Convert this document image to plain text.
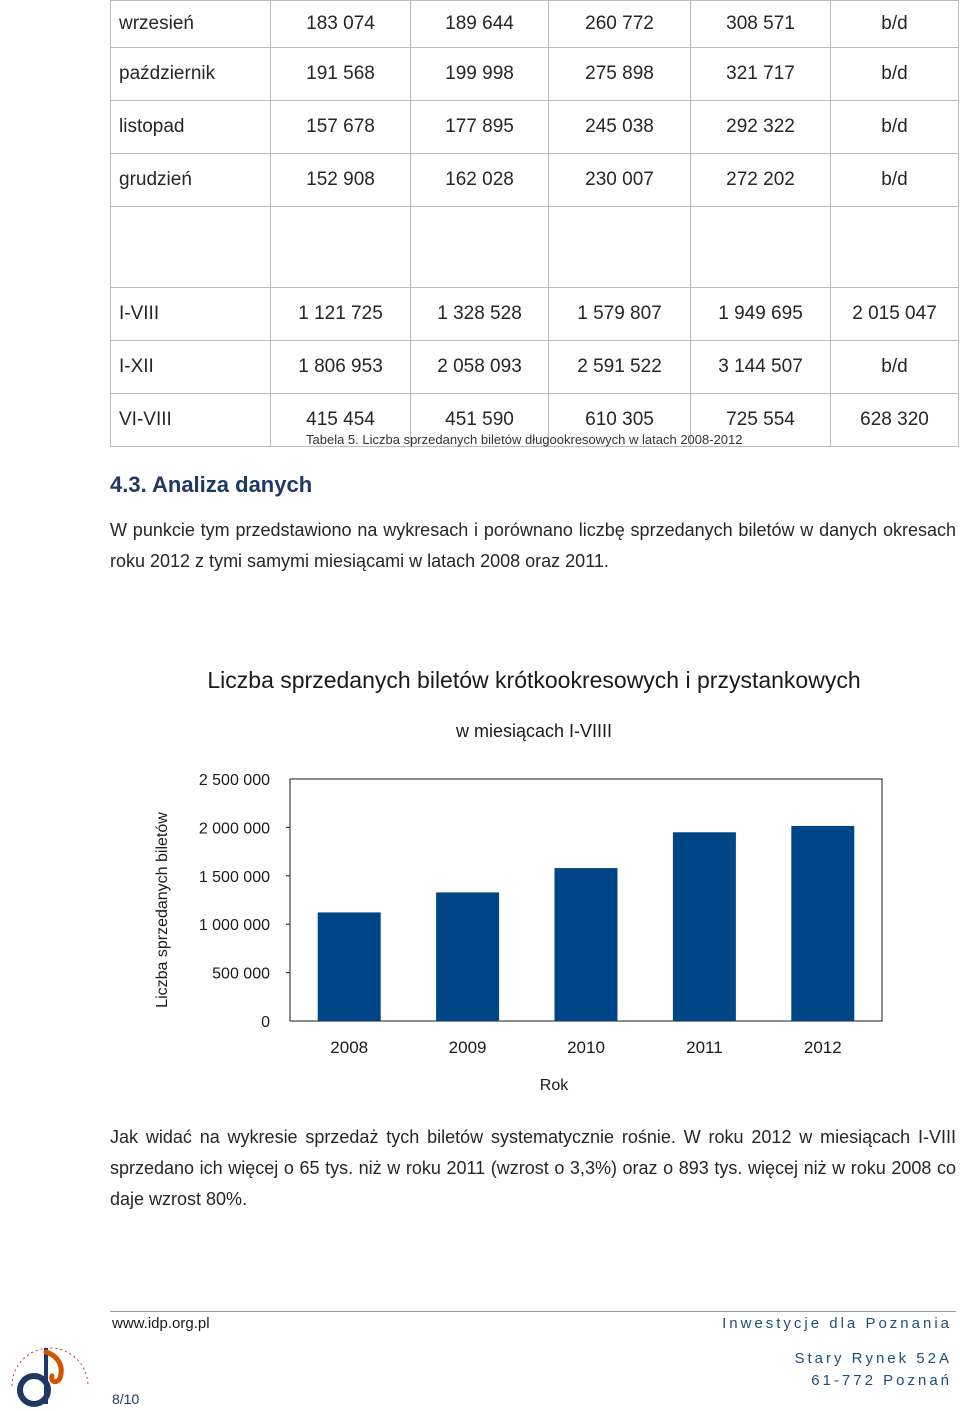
wrzesień	183 074	189 644	260 772	308 571	b/d
październik	191 568	199 998	275 898	321 717	b/d
listopad	157 678	177 895	245 038	292 322	b/d
grudzień	152 908	162 028	230 007	272 202	b/d

I-VIII	1 121 725	1 328 528	1 579 807	1 949 695	2 015 047
I-XII	1 806 953	2 058 093	2 591 522	3 144 507	b/d
VI-VIII	415 454	451 590	610 305	725 554	628 320
Tabela 5. Liczba sprzedanych biletów długookresowych w latach 2008-2012
4.3. Analiza danych
W punkcie tym przedstawiono na wykresach i porównano liczbę sprzedanych biletów w danych okresach roku 2012 z tymi samymi miesiącami w latach 2008 oraz 2011.
Liczba sprzedanych biletów krótkookresowych i przystankowych
w miesiącach I-VIIII
0
500 000
1 000 000
1 500 000
2 000 000
2 500 000
2008	2009	2010	2011	2012
Rok
Liczba sprzedanych biletów
Jak widać na wykresie sprzedaż tych biletów systematycznie rośnie. W roku 2012 w miesiącach I-VIII sprzedano ich więcej o 65 tys. niż w roku 2011 (wzrost o 3,3%) oraz o 893 tys. więcej niż w roku 2008 co daje wzrost 80%.
www.idp.org.pl	Inwestycje dla Poznania
Stary Rynek 52A
61-772 Poznań
8/10
